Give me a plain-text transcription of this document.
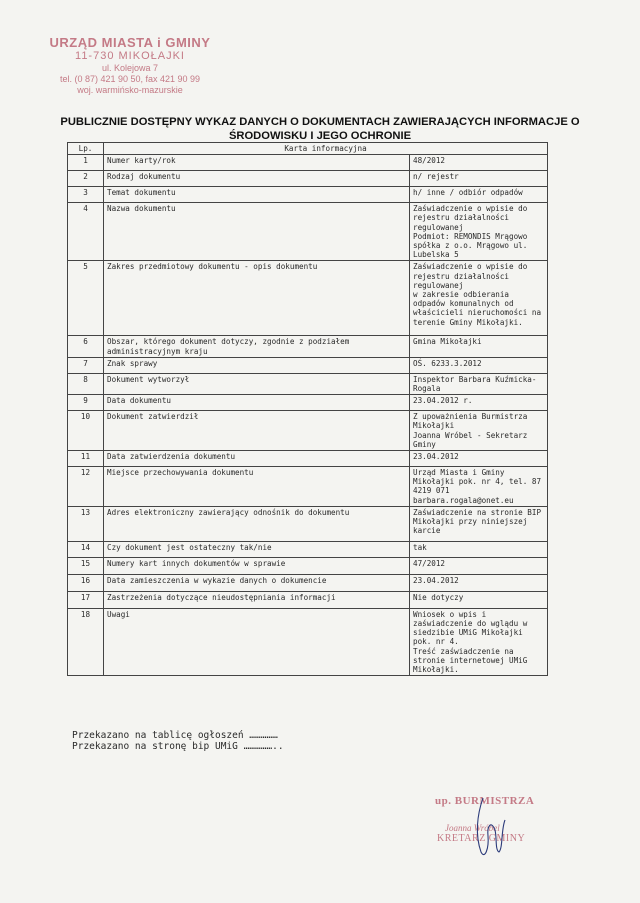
URZĄD MIASTA i GMINY
11-730 MIKOŁAJKI
ul. Kolejowa 7
tel. (0 87) 421 90 50, fax 421 90 99
woj. warmińsko-mazurskie
PUBLICZNIE DOSTĘPNY WYKAZ DANYCH O DOKUMENTACH ZAWIERAJĄCYCH INFORMACJE O
ŚRODOWISKU I JEGO OCHRONIE
Lp.	Karta informacyjna	
1	Numer karty/rok	48/2012
2	Rodzaj dokumentu	n/ rejestr
3	Temat dokumentu	h/ inne / odbiór odpadów
4	Nazwa dokumentu	Zaświadczenie o wpisie do rejestru działalności regulowanej
Podmiot: REMONDIS Mrągowo spółka z o.o. Mrągowo ul. Lubelska 5
5	Zakres przedmiotowy dokumentu - opis dokumentu	Zaświadczenie o wpisie do rejestru działalności regulowanej
w zakresie odbierania odpadów komunalnych od właścicieli nieruchomości na terenie Gminy Mikołajki.
6	Obszar, którego dokument dotyczy, zgodnie z podziałem administracyjnym kraju	Gmina Mikołajki
7	Znak sprawy	OŚ. 6233.3.2012
8	Dokument wytworzył	Inspektor Barbara Kuźmicka-Rogala
9	Data dokumentu	23.04.2012 r.
10	Dokument zatwierdził	Z upoważnienia Burmistrza Mikołajki
Joanna Wróbel - Sekretarz Gminy
11	Data zatwierdzenia dokumentu	23.04.2012
12	Miejsce przechowywania dokumentu	Urząd Miasta i Gminy Mikołajki pok. nr 4, tel. 87 4219 071
barbara.rogala@onet.eu
13	Adres elektroniczny zawierający odnośnik do dokumentu	Zaświadczenie na stronie BIP Mikołajki przy niniejszej karcie
14	Czy dokument jest ostateczny tak/nie	tak
15	Numery kart innych dokumentów w sprawie	47/2012
16	Data zamieszczenia w wykazie danych o dokumencie	23.04.2012
17	Zastrzeżenia dotyczące nieudostępniania informacji	Nie dotyczy
18	Uwagi	Wniosek o wpis i zaświadczenie do wglądu w siedzibie UMiG Mikołajki pok. nr 4.
Treść zaświadczenie na stronie internetowej UMiG Mikołajki.
Przekazano na tablicę ogłoszeń ……………
Przekazano na stronę bip UMiG ……………..
up. BURMISTRZA
Joanna Wróbel
KRETARZ GMINY
